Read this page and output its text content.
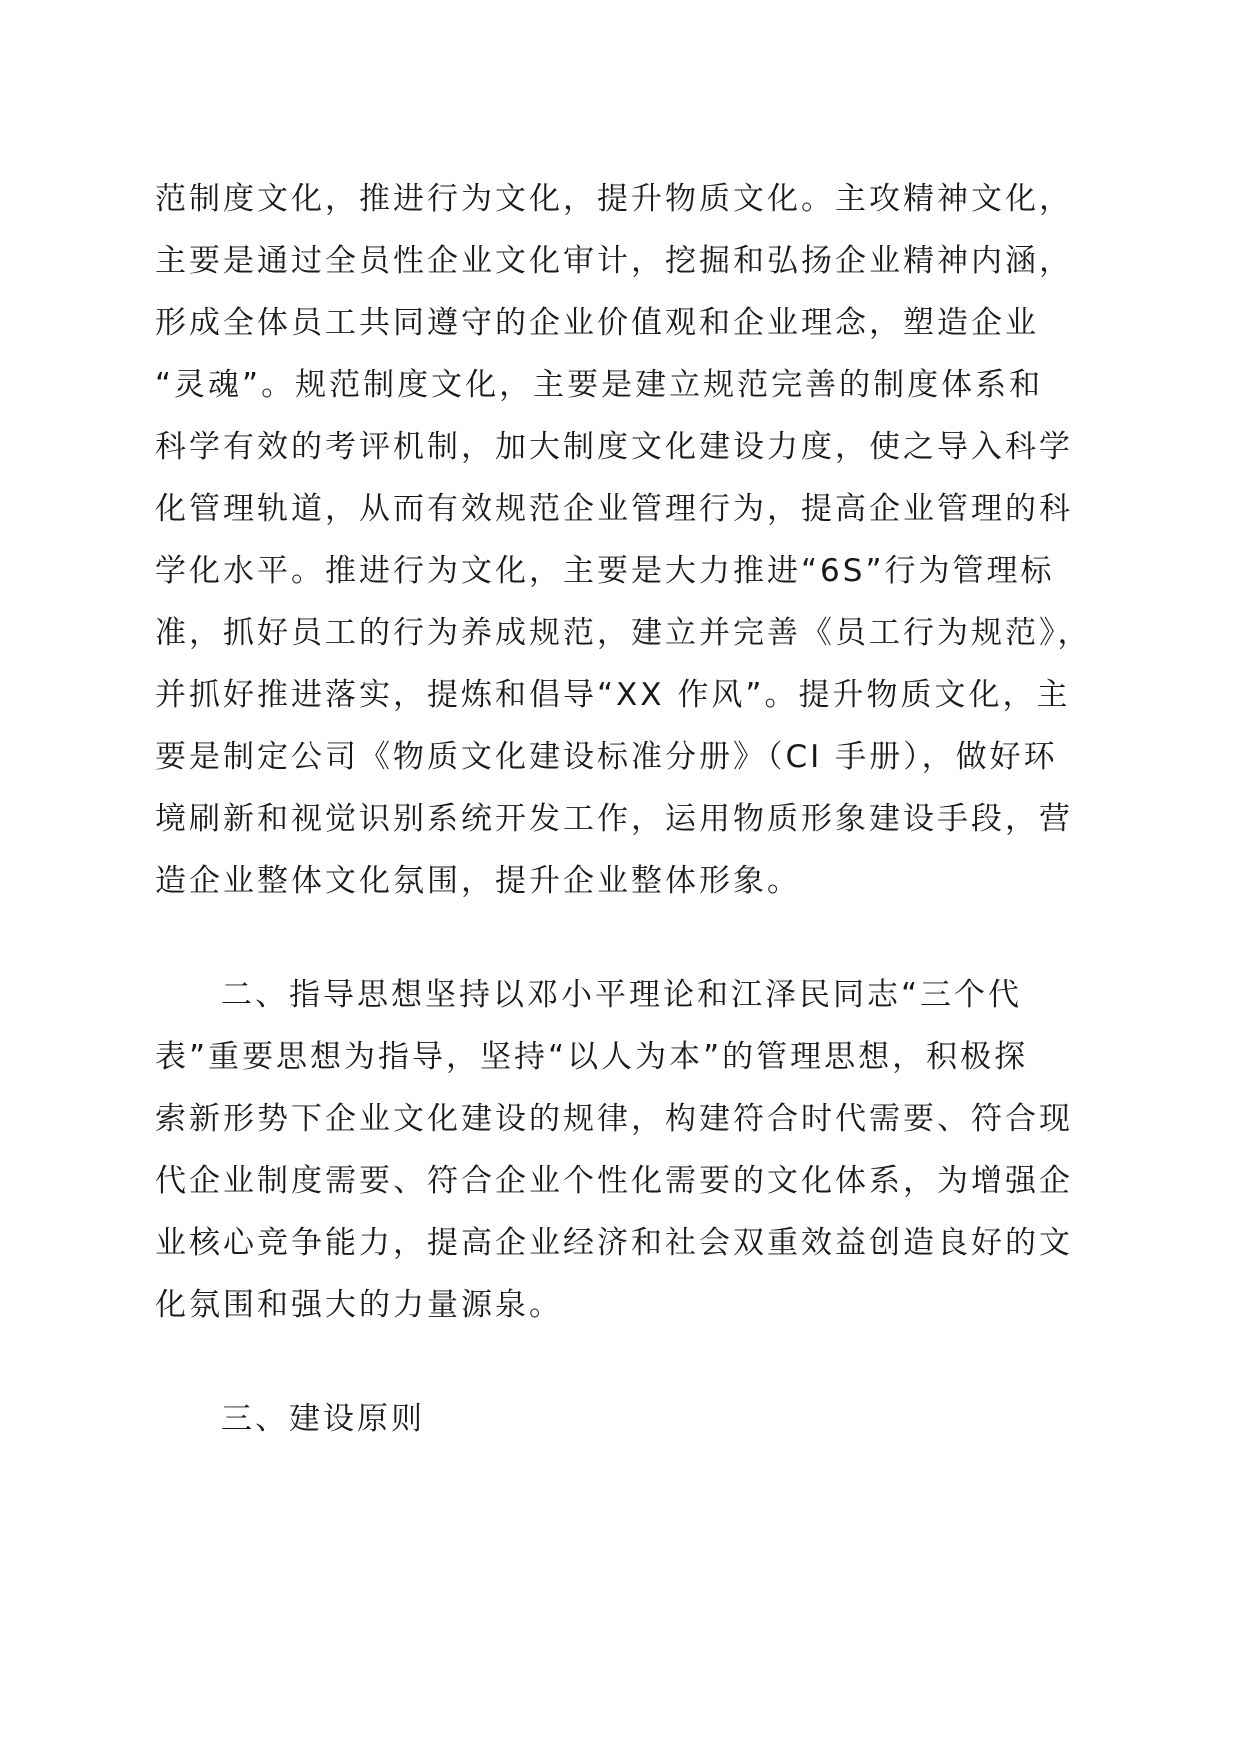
范制度文化，推进行为文化，提升物质文化。主攻精神文化，
主要是通过全员性企业文化审计，挖掘和弘扬企业精神内涵，
形成全体员工共同遵守的企业价值观和企业理念，塑造企业
“灵魂”。规范制度文化，主要是建立规范完善的制度体系和
科学有效的考评机制，加大制度文化建设力度，使之导入科学
化管理轨道，从而有效规范企业管理行为，提高企业管理的科
学化水平。推进行为文化，主要是大力推进“6S”行为管理标
准，抓好员工的行为养成规范，建立并完善《员工行为规范》，
并抓好推进落实，提炼和倡导“XX 作风”。提升物质文化，主
要是制定公司《物质文化建设标准分册》（CI 手册），做好环
境刷新和视觉识别系统开发工作，运用物质形象建设手段，营
造企业整体文化氛围，提升企业整体形象。
二、指导思想坚持以邓小平理论和江泽民同志“三个代
表”重要思想为指导，坚持“以人为本”的管理思想，积极探
索新形势下企业文化建设的规律，构建符合时代需要、符合现
代企业制度需要、符合企业个性化需要的文化体系，为增强企
业核心竞争能力，提高企业经济和社会双重效益创造良好的文
化氛围和强大的力量源泉。
三、建设原则
